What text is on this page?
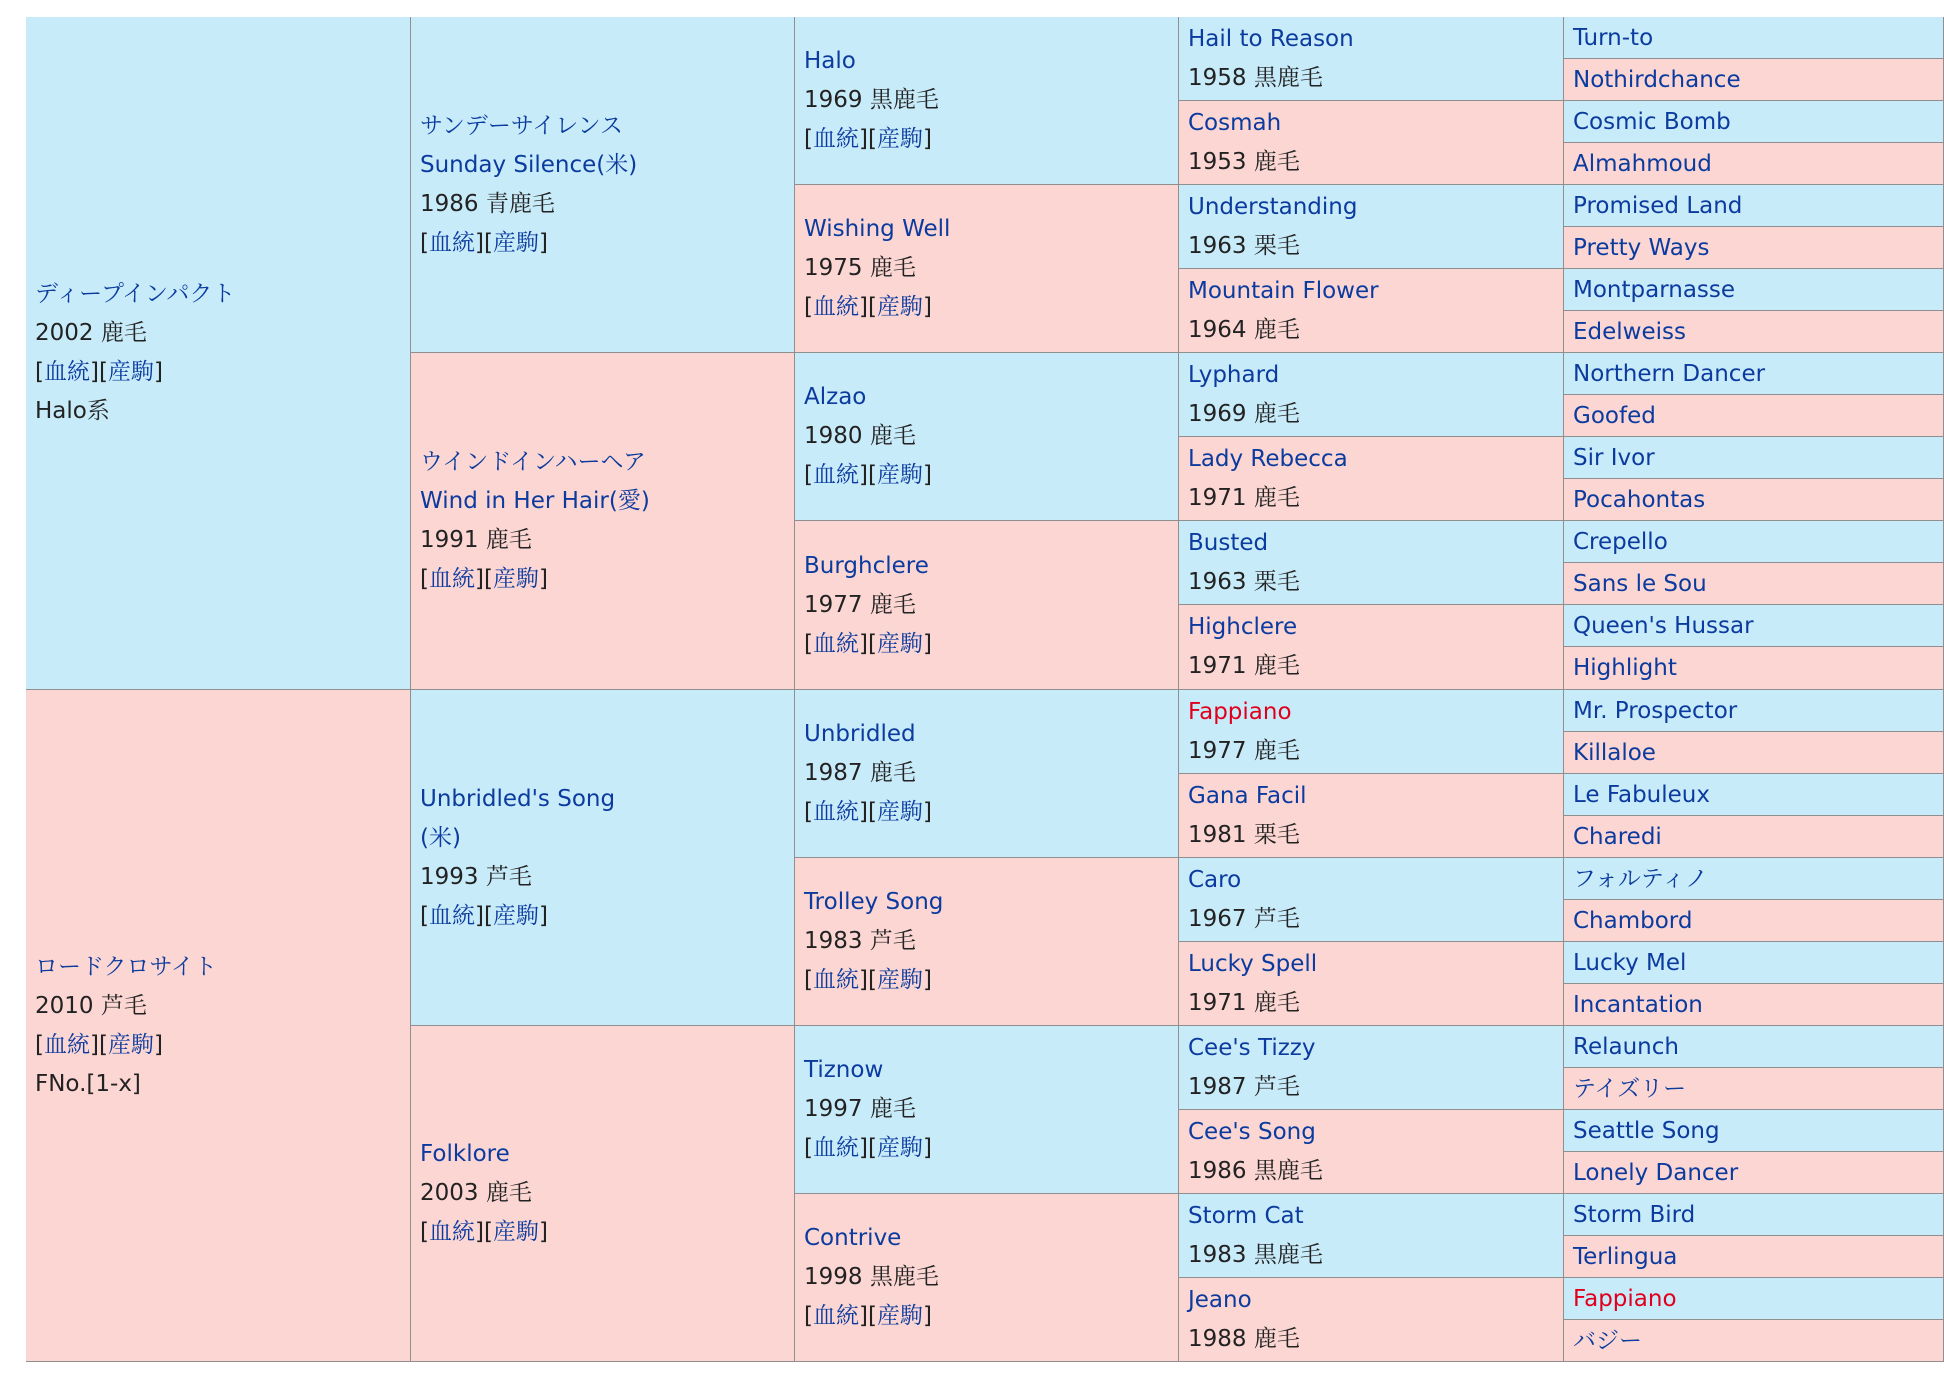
ディープインパクト
2002 鹿毛
[血統][産駒]
Halo系
ロードクロサイト
2010 芦毛
[血統][産駒]
FNo.[1-x]
サンデーサイレンス
Sunday Silence(米)
1986 青鹿毛
[血統][産駒]
ウインドインハーヘア
Wind in Her Hair(愛)
1991 鹿毛
[血統][産駒]
Unbridled's Song
(米)
1993 芦毛
[血統][産駒]
Folklore
2003 鹿毛
[血統][産駒]
Halo
1969 黒鹿毛
[血統][産駒]
Wishing Well
1975 鹿毛
[血統][産駒]
Alzao
1980 鹿毛
[血統][産駒]
Burghclere
1977 鹿毛
[血統][産駒]
Unbridled
1987 鹿毛
[血統][産駒]
Trolley Song
1983 芦毛
[血統][産駒]
Tiznow
1997 鹿毛
[血統][産駒]
Contrive
1998 黒鹿毛
[血統][産駒]
Hail to Reason
1958 黒鹿毛
Cosmah
1953 鹿毛
Understanding
1963 栗毛
Mountain Flower
1964 鹿毛
Lyphard
1969 鹿毛
Lady Rebecca
1971 鹿毛
Busted
1963 栗毛
Highclere
1971 鹿毛
Fappiano
1977 鹿毛
Gana Facil
1981 栗毛
Caro
1967 芦毛
Lucky Spell
1971 鹿毛
Cee's Tizzy
1987 芦毛
Cee's Song
1986 黒鹿毛
Storm Cat
1983 黒鹿毛
Jeano
1988 鹿毛
Turn-to
Nothirdchance
Cosmic Bomb
Almahmoud
Promised Land
Pretty Ways
Montparnasse
Edelweiss
Northern Dancer
Goofed
Sir Ivor
Pocahontas
Crepello
Sans le Sou
Queen's Hussar
Highlight
Mr. Prospector
Killaloe
Le Fabuleux
Charedi
フォルティノ
Chambord
Lucky Mel
Incantation
Relaunch
テイズリー
Seattle Song
Lonely Dancer
Storm Bird
Terlingua
Fappiano
バジー
